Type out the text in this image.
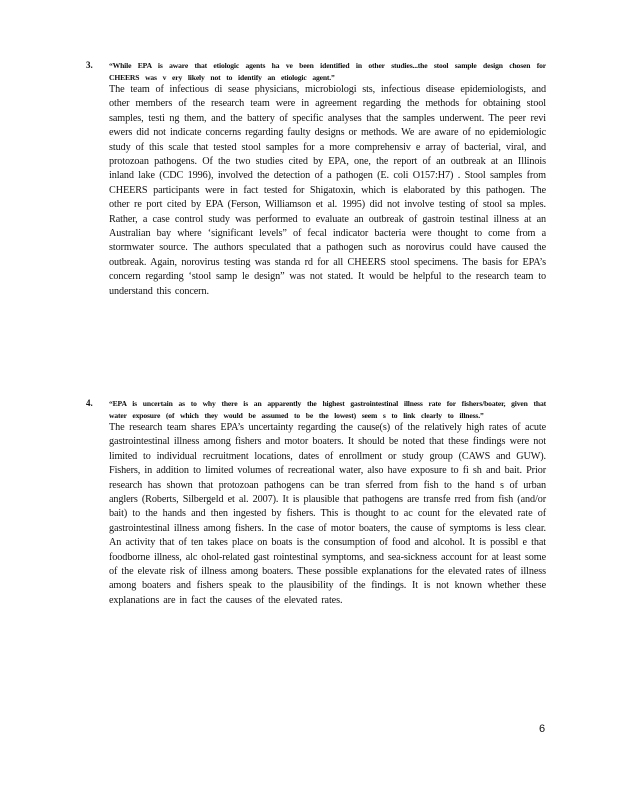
3. “While EPA is aware that etiologic agents ha ve been identified in other studies...the stool sample design chosen for CHEERS was v ery likely not to identify an etiologic agent.”
The team of infectious di sease physicians, microbiologi sts, infectious disease epidemiologists, and other members of the research team were in agreement regarding the methods for obtaining stool samples, testi ng them, and the battery of specific analyses that the samples underwent. The peer revi ewers did not indicate concerns regarding faulty designs or methods. We are aware of no epidemiologic study of this scale that tested stool samples for a more comprehensiv e array of bacterial, viral, and protozoan pathogens. Of the two studies cited by EPA, one, the report of an outbreak at an Illinois inland lake (CDC 1996), involved the detection of a pathogen (E. coli O157:H7) . Stool samples from CHEERS participants were in fact tested for Shigatoxin, which is elaborated by this pathogen. The other re port cited by EPA (Ferson, Williamson et al. 1995) did not involve testing of stool sa mples. Rather, a case control study was performed to evaluate an outbreak of gastroin testinal illness at an Australian bay where ‘significant levels” of fecal indicator bacteria were thought to come from a stormwater source. The authors speculated that a pathogen such as norovirus could have caused the outbreak. Again, norovirus testing was standa rd for all CHEERS stool specimens. The basis for EPA’s concern regarding ‘stool samp le design” was not stated. It would be helpful to the research team to understand this concern.
4. “EPA is uncertain as to why there is an apparently the highest gastrointestinal illness rate for fishers/boater, given that water exposure (of which they would be assumed to be the lowest) seem s to link clearly to illness.”
The research team shares EPA’s uncertainty regarding the cause(s) of the relatively high rates of acute gastrointestinal illness among fishers and motor boaters. It should be noted that these findings were not limited to individual recruitment locations, dates of enrollment or study group (CAWS and GUW). Fishers, in addition to limited volumes of recreational water, also have exposure to fi sh and bait. Prior research has shown that protozoan pathogens can be tran sferred from fish to the hand s of urban anglers (Roberts, Silbergeld et al. 2007). It is plausible that pathogens are transfe rred from fish (and/or bait) to the hands and then ingested by fishers. This is thought to ac count for the elevated rate of gastrointestinal illness among fishers. In the case of motor boaters, the cause of symptoms is less clear. An activity that of ten takes place on boats is the consumption of food and alcohol. It is possibl e that foodborne illness, alc ohol-related gast rointestinal symptoms, and sea-sickness account for at least some of the elevate risk of illness among boaters. These possible explanations for the elevated rates of illness among boaters and fishers speak to the plausibility of the findings. It is not known whether these explanations are in fact the causes of the elevated rates.
6
